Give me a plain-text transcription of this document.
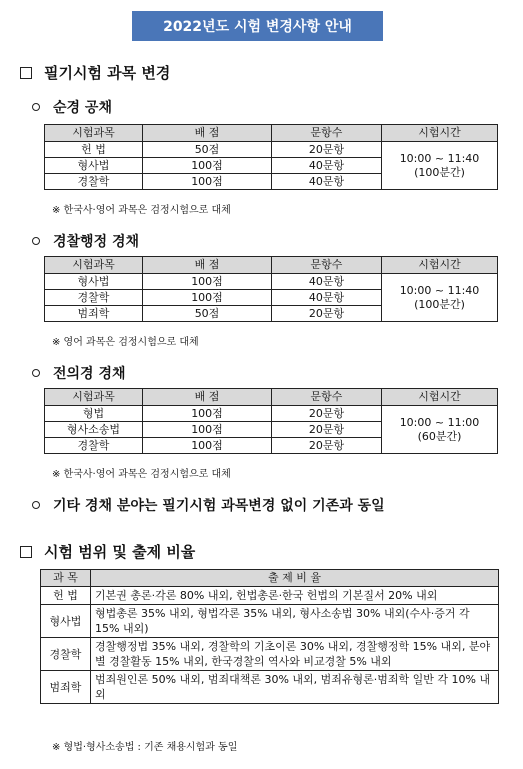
2022년도 시험 변경사항 안내
필기시험 과목 변경
순경 공채
시험과목	배 점	문항수	시험시간
헌 법	50점	20문항	10:00 ~ 11:40
(100분간)
형사법	100점	40문항	
경찰학	100점	40문항	
※ 한국사·영어 과목은 검정시험으로 대체
경찰행정 경채
시험과목	배 점	문항수	시험시간
형사법	100점	40문항	10:00 ~ 11:40
(100분간)
경찰학	100점	40문항	
범죄학	50점	20문항	
※ 영어 과목은 검정시험으로 대체
전의경 경채
시험과목	배 점	문항수	시험시간
형법	100점	20문항	10:00 ~ 11:00
(60분간)
형사소송법	100점	20문항	
경찰학	100점	20문항	
※ 한국사·영어 과목은 검정시험으로 대체
기타 경채 분야는 필기시험 과목변경 없이 기존과 동일
시험 범위 및 출제 비율
과 목	출 제 비 율
헌 법	기본권 총론·각론 80% 내외, 헌법총론·한국 헌법의 기본질서 20% 내외
형사법	형법총론 35% 내외, 형법각론 35% 내외, 형사소송법 30% 내외(수사·증거 각 15% 내외)
경찰학	경찰행정법 35% 내외, 경찰학의 기초이론 30% 내외, 경찰행정학 15% 내외, 분야별 경찰활동 15% 내외, 한국경찰의 역사와 비교경찰 5% 내외
범죄학	범죄원인론 50% 내외, 범죄대책론 30% 내외, 범죄유형론·범죄학 일반 각 10% 내외
※ 형법·형사소송법 : 기존 채용시험과 동일
